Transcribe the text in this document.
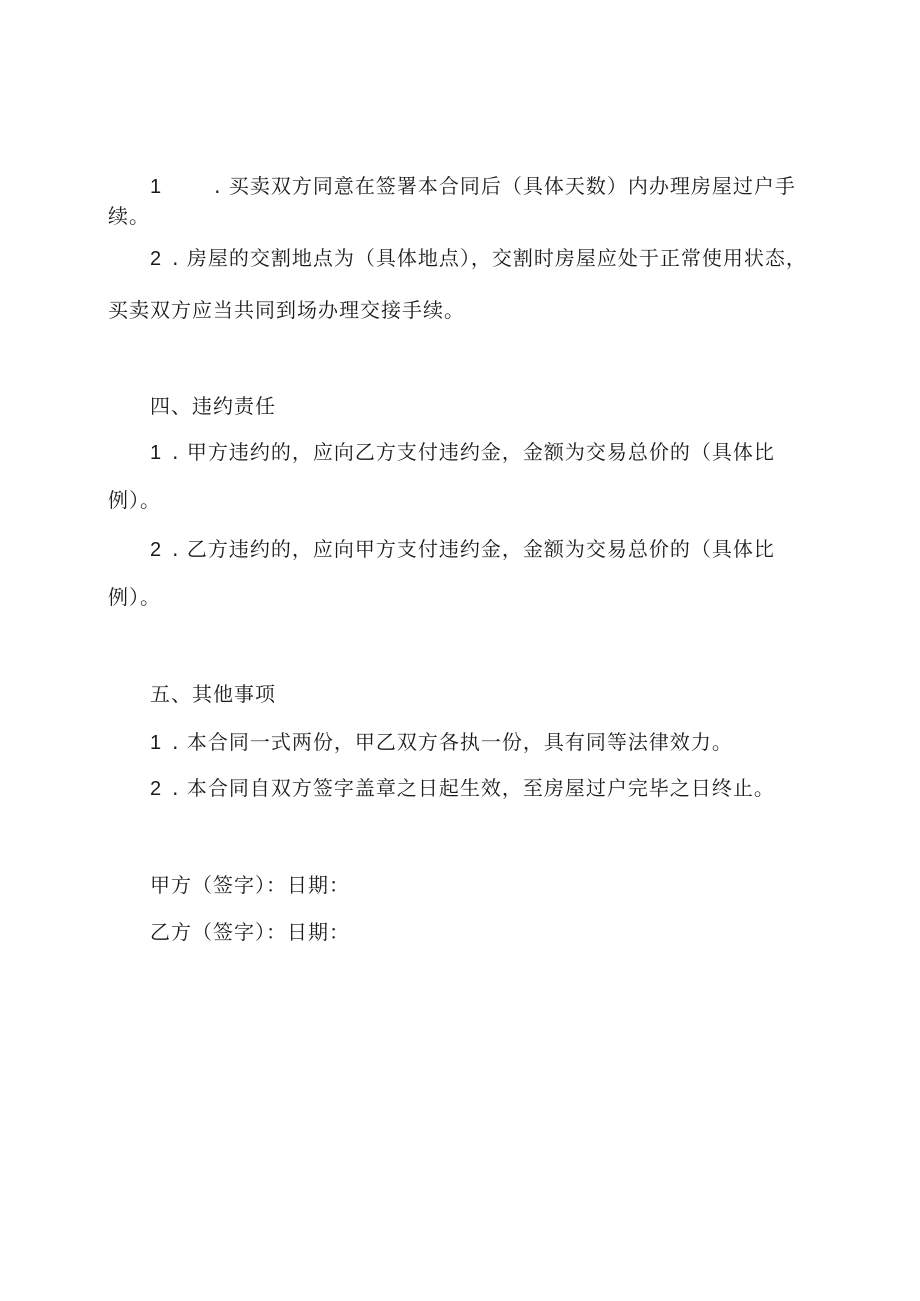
1	. 买卖双方同意在签署本合同后（具体天数）内办理房屋过户手
续。
2 . 房屋的交割地点为（具体地点），交割时房屋应处于正常使用状态，
买卖双方应当共同到场办理交接手续。
四、违约责任
1 . 甲方违约的，应向乙方支付违约金，金额为交易总价的（具体比
例）。
2 . 乙方违约的，应向甲方支付违约金，金额为交易总价的（具体比
例）。
五、其他事项
1 . 本合同一式两份，甲乙双方各执一份，具有同等法律效力。
2 . 本合同自双方签字盖章之日起生效，至房屋过户完毕之日终止。
甲方（签字）：日期：
乙方（签字）：日期：
